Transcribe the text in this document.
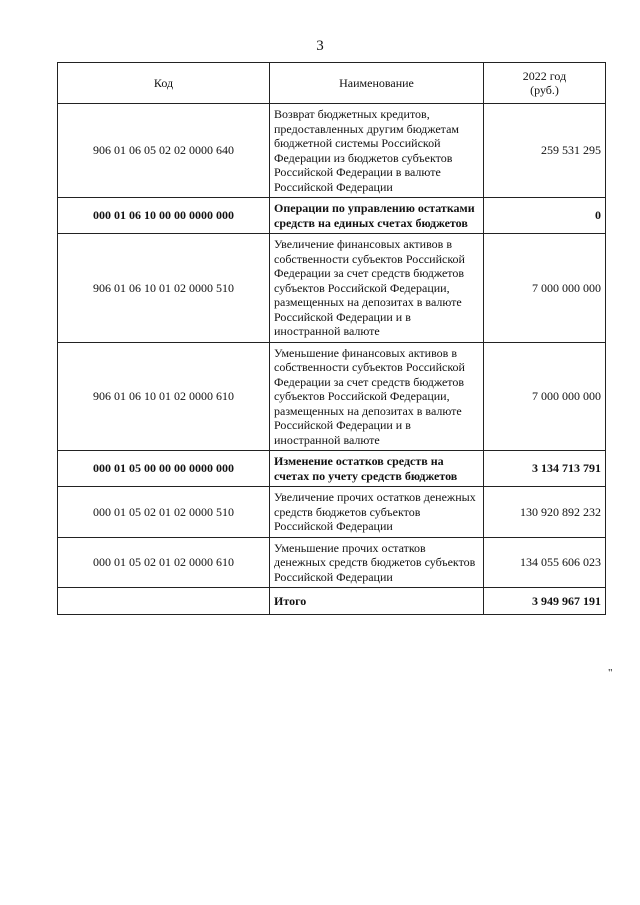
3
Код	Наименование	2022 год
(руб.)
906 01 06 05 02 02 0000 640	Возврат бюджетных кредитов, предоставленных другим бюджетам бюджетной системы Российской Федерации из бюджетов субъектов Российской Федерации в валюте Российской Федерации	259 531 295
000 01 06 10 00 00 0000 000	Операции по управлению остатками средств на единых счетах бюджетов	0
906 01 06 10 01 02 0000 510	Увеличение финансовых активов в собственности субъектов Российской Федерации за счет средств бюджетов субъектов Российской Федерации, размещенных на депозитах в валюте Российской Федерации и в иностранной валюте	7 000 000 000
906 01 06 10 01 02 0000 610	Уменьшение финансовых активов в собственности субъектов Российской Федерации за счет средств бюджетов субъектов Российской Федерации, размещенных на депозитах в валюте Российской Федерации и в иностранной валюте	7 000 000 000
000 01 05 00 00 00 0000 000	Изменение остатков средств на счетах по учету средств бюджетов	3 134 713 791
000 01 05 02 01 02 0000 510	Увеличение прочих остатков денежных средств бюджетов субъектов Российской Федерации	130 920 892 232
000 01 05 02 01 02 0000 610	Уменьшение прочих остатков денежных средств бюджетов субъектов Российской Федерации	134 055 606 023
	Итого	3 949 967 191
"
